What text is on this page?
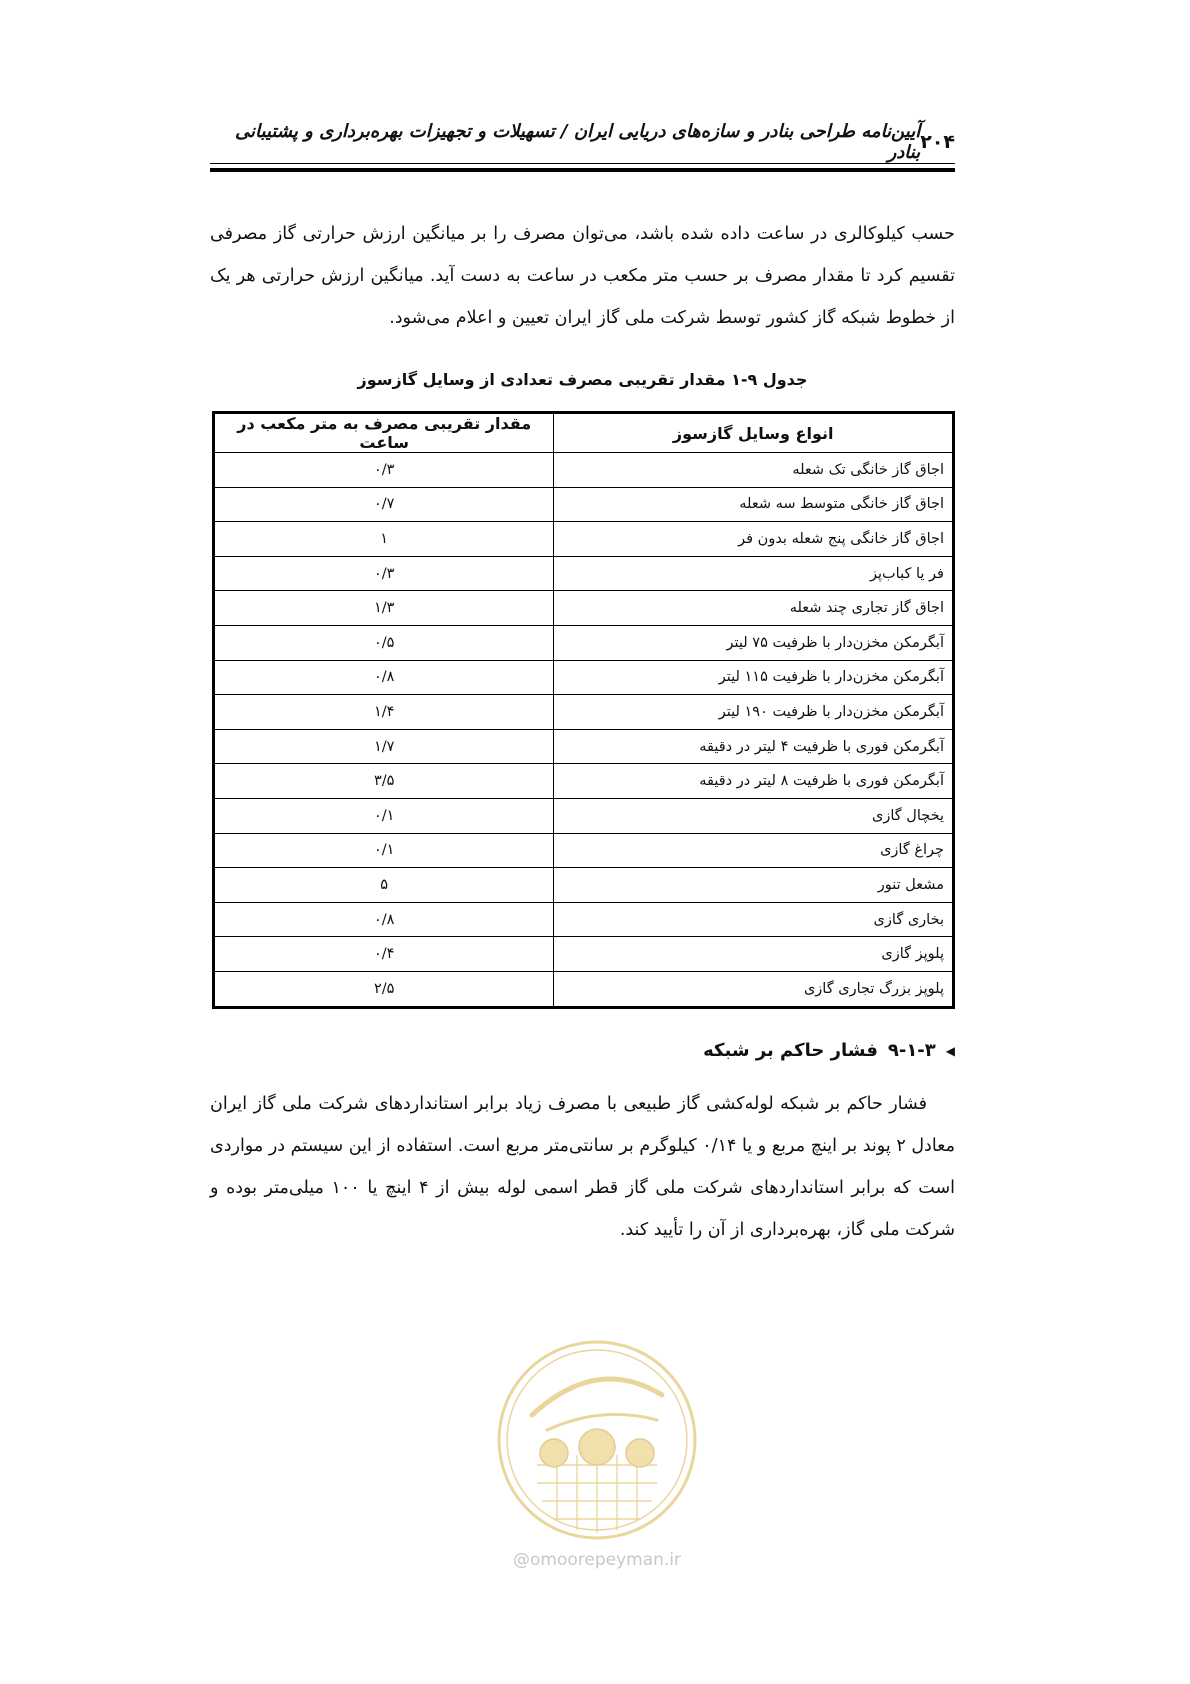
۲۰۴
آیین‌نامه طراحی بنادر و سازه‌های دریایی ایران / تسهیلات و تجهیزات بهره‌برداری و پشتیبانی بنادر

حسب کیلوکالری در ساعت داده شده باشد، می‌توان مصرف را بر میانگین ارزش حرارتی گاز مصرفی تقسیم کرد تا مقدار مصرف بر حسب متر مکعب در ساعت به دست آید. میانگین ارزش حرارتی هر یک از خطوط شبکه گاز کشور توسط شرکت ملی گاز ایران تعیین و اعلام می‌شود.

جدول ۹-۱ مقدار تقریبی مصرف تعدادی از وسایل گازسوز
انواع وسایل گازسوز	مقدار تقریبی مصرف به متر مکعب در ساعت
اجاق گاز خانگی تک شعله	۰/۳
اجاق گاز خانگی متوسط سه شعله	۰/۷
اجاق گاز خانگی پنج شعله بدون فر	۱
فر یا کباب‌پز	۰/۳
اجاق گاز تجاری چند شعله	۱/۳
آبگرمکن مخزن‌دار با ظرفیت ۷۵ لیتر	۰/۵
آبگرمکن مخزن‌دار با ظرفیت ۱۱۵ لیتر	۰/۸
آبگرمکن مخزن‌دار با ظرفیت ۱۹۰ لیتر	۱/۴
آبگرمکن فوری با ظرفیت ۴ لیتر در دقیقه	۱/۷
آبگرمکن فوری با ظرفیت ۸ لیتر در دقیقه	۳/۵
یخچال گازی	۰/۱
چراغ گازی	۰/۱
مشعل تنور	۵
بخاری گازی	۰/۸
پلوپز گازی	۰/۴
پلوپز بزرگ تجاری گازی	۲/۵
◀
۹-۱-۳
فشار حاکم بر شبکه

فشار حاکم بر شبکه لوله‌کشی گاز طبیعی با مصرف زیاد برابر استانداردهای شرکت ملی گاز ایران معادل ۲ پوند بر اینچ مربع و یا ۰/۱۴ کیلوگرم بر سانتی‌متر مربع است. استفاده از این سیستم در مواردی است که برابر استانداردهای شرکت ملی گاز قطر اسمی لوله بیش از ۴ اینچ یا ۱۰۰ میلی‌متر بوده و شرکت ملی گاز، بهره‌برداری از آن را تأیید کند.

@omoorepeyman.ir
